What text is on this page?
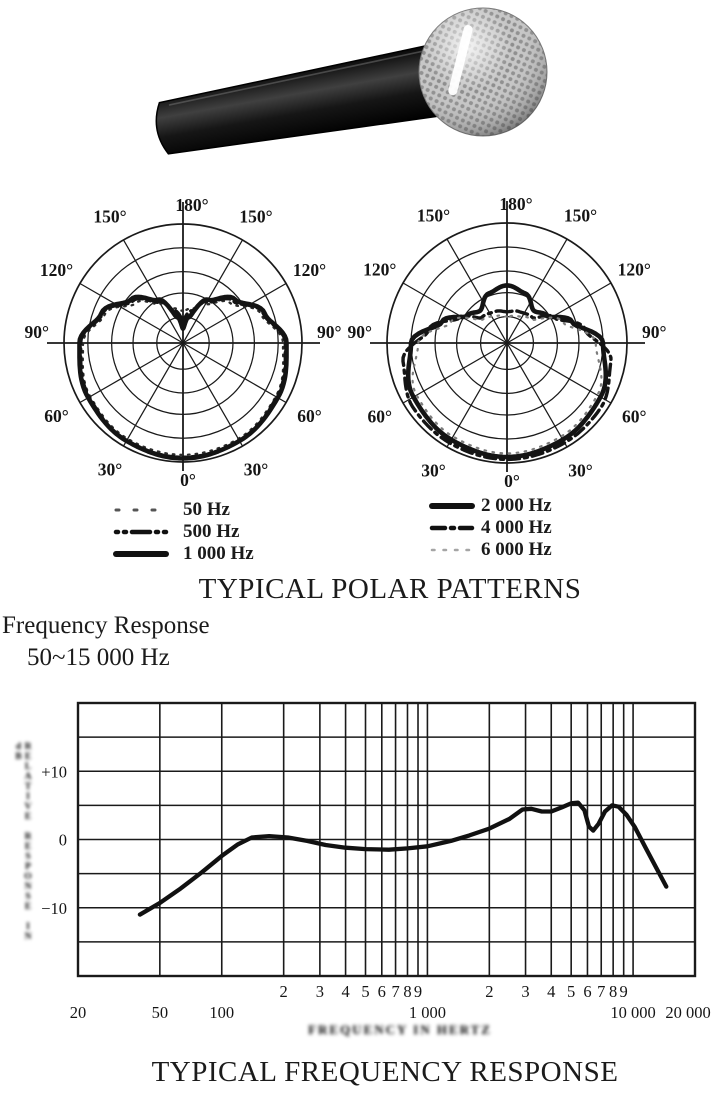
0°
30°	30°
60°	60°
90°	90°
120°	120°
150°	150°
180°
0°
30°	30°
60°	60°
90°	90°
120°	120°
150°	150°
180°
+10
0
−10
2 3 4 5 6 7 8 9	2 3 4 5 6 7 8 9
20	50	100	1 000	10 000 20 000
50 Hz
500 Hz
1 000 Hz
2 000 Hz
4 000 Hz
6 000 Hz
TYPICAL POLAR PATTERNS
Frequency Response
50~15 000 Hz
RELATIVE RESPONSE IN dB
FREQUENCY IN HERTZ
TYPICAL FREQUENCY RESPONSE
